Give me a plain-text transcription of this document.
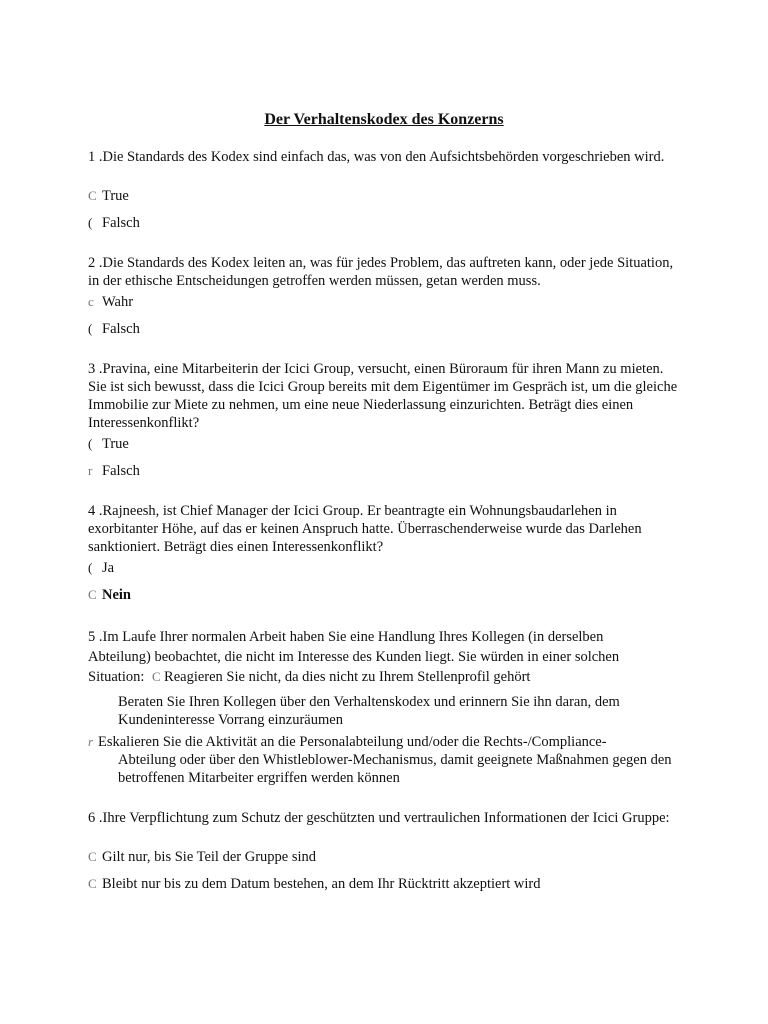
Der Verhaltenskodex des Konzerns
1 .Die Standards des Kodex sind einfach das, was von den Aufsichtsbehörden vorgeschrieben wird.
C True
( Falsch
2 .Die Standards des Kodex leiten an, was für jedes Problem, das auftreten kann, oder jede Situation, in der ethische Entscheidungen getroffen werden müssen, getan werden muss.
c Wahr
( Falsch
3 .Pravina, eine Mitarbeiterin der Icici Group, versucht, einen Büroraum für ihren Mann zu mieten. Sie ist sich bewusst, dass die Icici Group bereits mit dem Eigentümer im Gespräch ist, um die gleiche Immobilie zur Miete zu nehmen, um eine neue Niederlassung einzurichten. Beträgt dies einen Interessenkonflikt?
( True
r Falsch
4 .Rajneesh, ist Chief Manager der Icici Group. Er beantragte ein Wohnungsbaudarlehen in exorbitanter Höhe, auf das er keinen Anspruch hatte. Überraschenderweise wurde das Darlehen sanktioniert. Beträgt dies einen Interessenkonflikt?
( Ja
C Nein
5 .Im Laufe Ihrer normalen Arbeit haben Sie eine Handlung Ihres Kollegen (in derselben
Abteilung) beobachtet, die nicht im Interesse des Kunden liegt. Sie würden in einer solchen
Situation: C Reagieren Sie nicht, da dies nicht zu Ihrem Stellenprofil gehört
Beraten Sie Ihren Kollegen über den Verhaltenskodex und erinnern Sie ihn daran, dem Kundeninteresse Vorrang einzuräumen
r Eskalieren Sie die Aktivität an die Personalabteilung und/oder die Rechts-/Compliance-
Abteilung oder über den Whistleblower-Mechanismus, damit geeignete Maßnahmen gegen den betroffenen Mitarbeiter ergriffen werden können
6 .Ihre Verpflichtung zum Schutz der geschützten und vertraulichen Informationen der Icici Gruppe:
C Gilt nur, bis Sie Teil der Gruppe sind
C Bleibt nur bis zu dem Datum bestehen, an dem Ihr Rücktritt akzeptiert wird
